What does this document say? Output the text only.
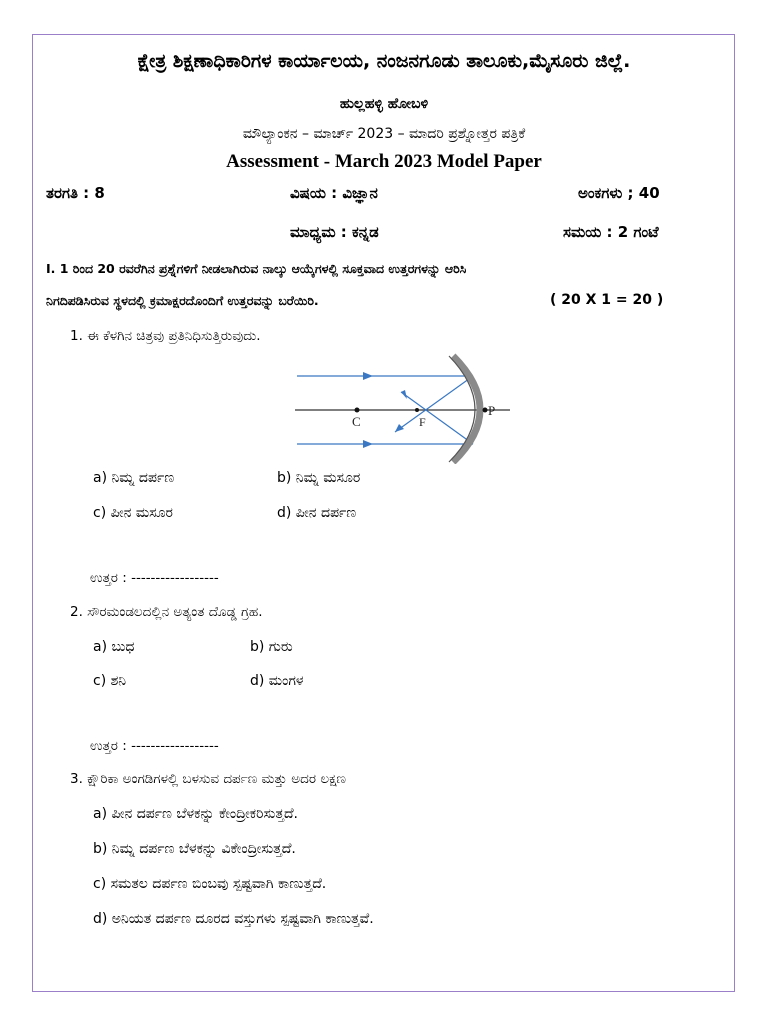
ಕ್ಷೇತ್ರ ಶಿಕ್ಷಣಾಧಿಕಾರಿಗಳ ಕಾರ್ಯಾಲಯ, ನಂಜನಗೂಡು ತಾಲೂಕು,ಮೈಸೂರು ಜಿಲ್ಲೆ.
ಹುಲ್ಲಹಳ್ಳಿ ಹೋಬಳಿ
ಮೌಲ್ಯಾಂಕನ – ಮಾರ್ಚ್ 2023 – ಮಾದರಿ ಪ್ರಶ್ನೋತ್ತರ ಪತ್ರಿಕೆ
Assessment - March 2023 Model Paper
ತರಗತಿ : 8	ವಿಷಯ : ವಿಜ್ಞಾನ	ಅಂಕಗಳು ; 40
ಮಾಧ್ಯಮ : ಕನ್ನಡ	ಸಮಯ : 2 ಗಂಟೆ
I. 1 ರಿಂದ 20 ರವರೆಗಿನ ಪ್ರಶ್ನೆಗಳಿಗೆ ನೀಡಲಾಗಿರುವ ನಾಲ್ಕು ಆಯ್ಕೆಗಳಲ್ಲಿ ಸೂಕ್ತವಾದ ಉತ್ತರಗಳನ್ನು ಆರಿಸಿ
ನಿಗದಿಪಡಿಸಿರುವ ಸ್ಥಳದಲ್ಲಿ ಕ್ರಮಾಕ್ಷರದೊಂದಿಗೆ ಉತ್ತರವನ್ನು ಬರೆಯಿರಿ.	( 20 X 1 = 20 )
1. ಈ ಕೆಳಗಿನ ಚಿತ್ರವು ಪ್ರತಿನಿಧಿಸುತ್ತಿರುವುದು.
C	F
P
a) ನಿಮ್ನ ದರ್ಪಣ	b) ನಿಮ್ನ ಮಸೂರ
c) ಪೀನ ಮಸೂರ	d) ಪೀನ ದರ್ಪಣ
ಉತ್ತರ : ------------------
2. ಸೌರಮಂಡಲದಲ್ಲಿನ ಅತ್ಯಂತ ದೊಡ್ಡ ಗ್ರಹ.
a) ಬುಧ	b) ಗುರು
c) ಶನಿ	d) ಮಂಗಳ
ಉತ್ತರ : ------------------
3. ಕ್ಷೌರಿಕಾ ಅಂಗಡಿಗಳಲ್ಲಿ ಬಳಸುವ ದರ್ಪಣ ಮತ್ತು ಅದರ ಲಕ್ಷಣ
a) ಪೀನ ದರ್ಪಣ ಬೆಳಕನ್ನು ಕೇಂದ್ರೀಕರಿಸುತ್ತದೆ.
b) ನಿಮ್ನ ದರ್ಪಣ ಬೆಳಕನ್ನು ವಿಕೇಂದ್ರೀಸುತ್ತದೆ.
c) ಸಮತಲ ದರ್ಪಣ ಬಿಂಬವು ಸ್ಪಷ್ಟವಾಗಿ ಕಾಣುತ್ತದೆ.
d) ಅನಿಯತ ದರ್ಪಣ ದೂರದ ವಸ್ತುಗಳು ಸ್ಪಷ್ಟವಾಗಿ ಕಾಣುತ್ತವೆ.
